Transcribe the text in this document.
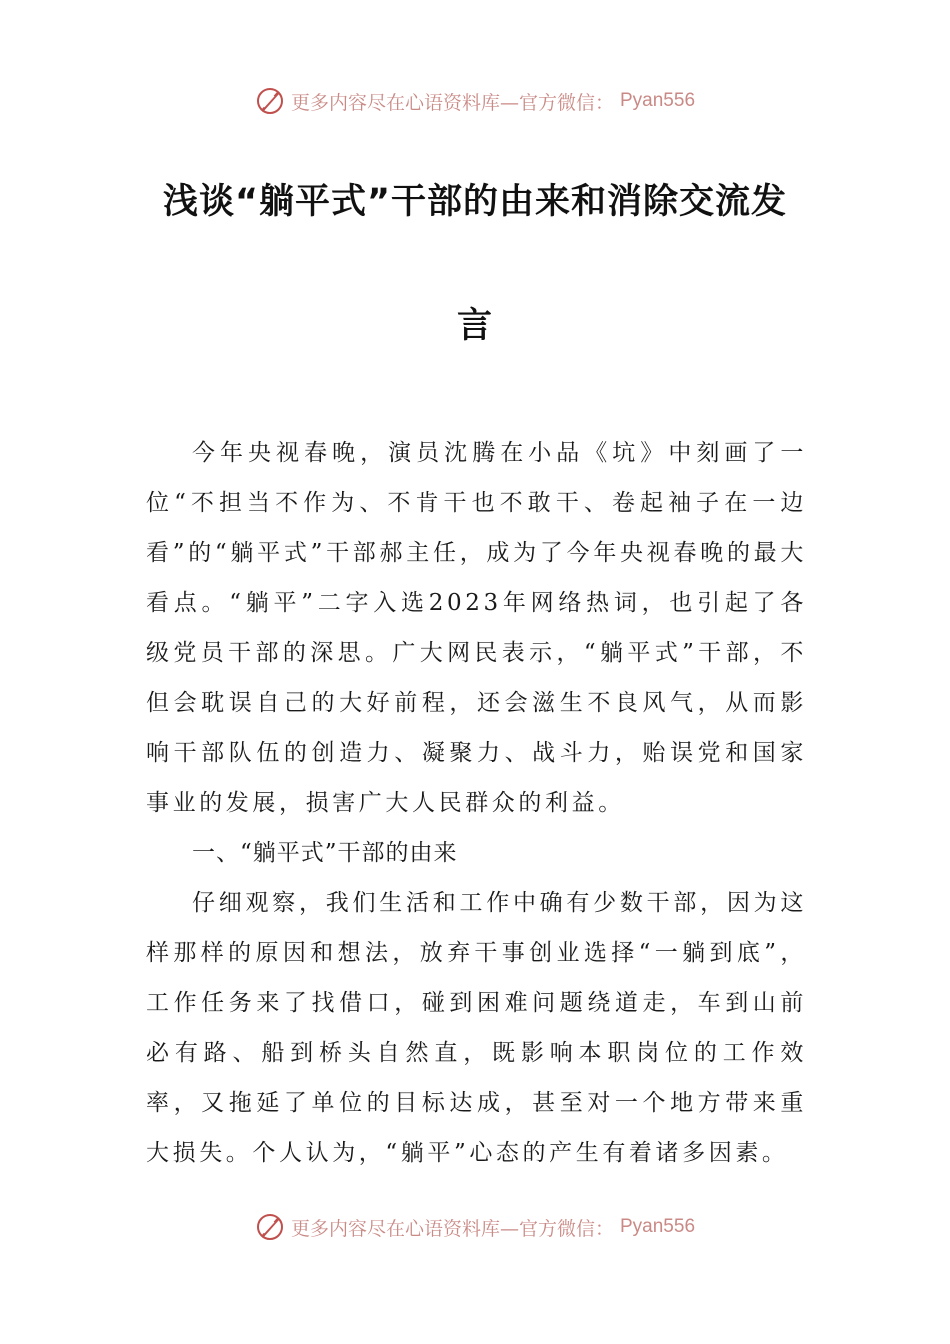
更多内容尽在心语资料库—官方微信： Pyan556
浅谈“躺平式”干部的由来和消除交流发
言

今年央视春晚，演员沈腾在小品《坑》中刻画了一位“不担当不作为、不肯干也不敢干、卷起袖子在一边看”的“躺平式”干部郝主任，成为了今年央视春晚的最大看点。“躺平”二字入选2023年网络热词，也引起了各级党员干部的深思。广大网民表示，“躺平式”干部，不但会耽误自己的大好前程，还会滋生不良风气，从而影响干部队伍的创造力、凝聚力、战斗力，贻误党和国家事业的发展，损害广大人民群众的利益。

一、“躺平式”干部的由来

仔细观察，我们生活和工作中确有少数干部，因为这样那样的原因和想法，放弃干事创业选择“一躺到底”，工作任务来了找借口，碰到困难问题绕道走，车到山前必有路、船到桥头自然直，既影响本职岗位的工作效率，又拖延了单位的目标达成，甚至对一个地方带来重大损失。个人认为，“躺平”心态的产生有着诸多因素。

更多内容尽在心语资料库—官方微信： Pyan556
